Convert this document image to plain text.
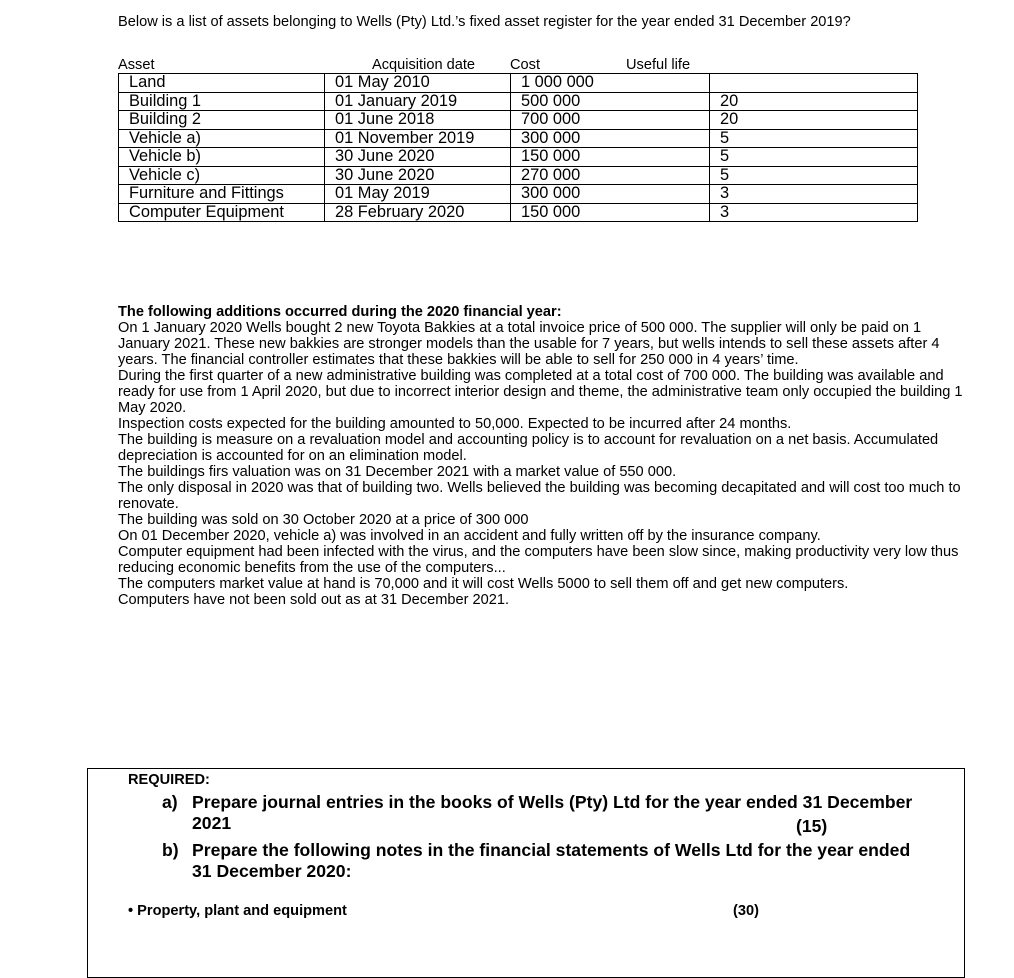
Below is a list of assets belonging to Wells (Pty) Ltd.’s fixed asset register for the year ended 31 December 2019?
Asset	Acquisition date Cost	Useful life
Land	01 May 2010	1 000 000	
Building 1	01 January 2019	500 000	20
Building 2	01 June 2018	700 000	20
Vehicle a)	01 November 2019	300 000	5
Vehicle b)	30 June 2020	150 000	5
Vehicle c)	30 June 2020	270 000	5
Furniture and Fittings	01 May 2019	300 000	3
Computer Equipment	28 February 2020	150 000	3

The following additions occurred during the 2020 financial year:

On 1 January 2020 Wells bought 2 new Toyota Bakkies at a total invoice price of 500 000. The supplier will only be paid on 1 January 2021. These new bakkies are stronger models than the usable for 7 years, but wells intends to sell these assets after 4 years. The financial controller estimates that these bakkies will be able to sell for 250 000 in 4 years’ time.

During the first quarter of a new administrative building was completed at a total cost of 700 000. The building was available and ready for use from 1 April 2020, but due to incorrect interior design and theme, the administrative team only occupied the building 1 May 2020.

Inspection costs expected for the building amounted to 50,000. Expected to be incurred after 24 months.

The building is measure on a revaluation model and accounting policy is to account for revaluation on a net basis. Accumulated depreciation is accounted for on an elimination model.

The buildings firs valuation was on 31 December 2021 with a market value of 550 000.

The only disposal in 2020 was that of building two. Wells believed the building was becoming decapitated and will cost too much to renovate.

The building was sold on 30 October 2020 at a price of 300 000

On 01 December 2020, vehicle a) was involved in an accident and fully written off by the insurance company.

Computer equipment had been infected with the virus, and the computers have been slow since, making productivity very low thus reducing economic benefits from the use of the computers...

The computers market value at hand is 70,000 and it will cost Wells 5000 to sell them off and get new computers.

Computers have not been sold out as at 31 December 2021.

REQUIRED:
a) Prepare journal entries in the books of Wells (Pty) Ltd for the year ended 31 December 2021	(15)
b) Prepare the following notes in the financial statements of Wells Ltd for the year ended 31 December 2020:
• Property, plant and equipment	(30)
